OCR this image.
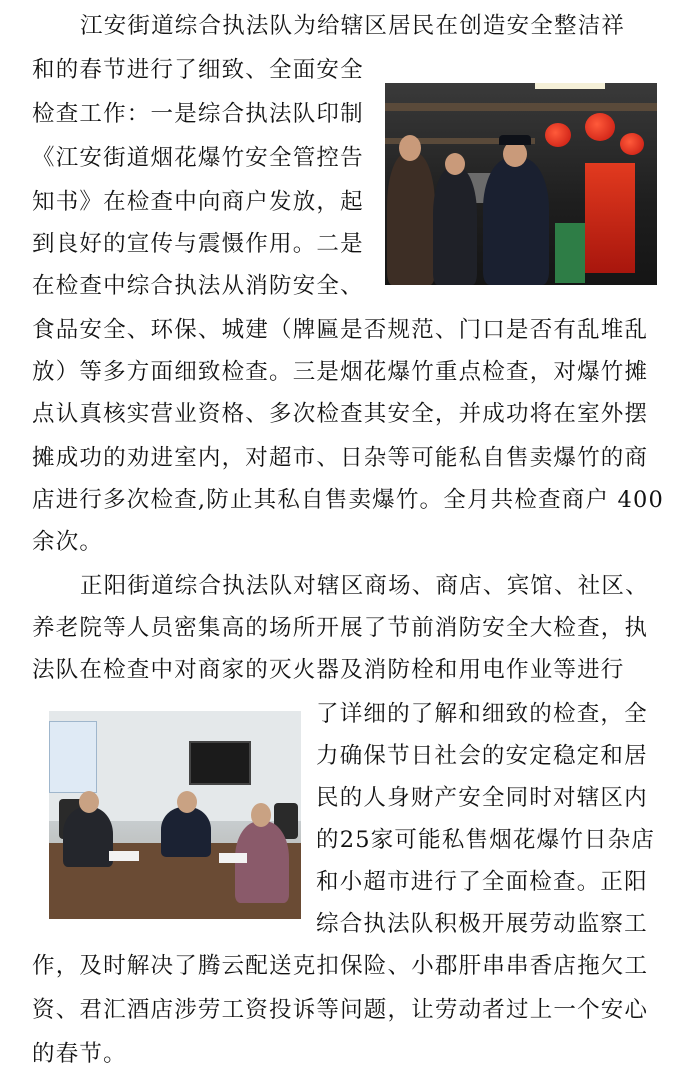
江安街道综合执法队为给辖区居民在创造安全整洁祥
和的春节进行了细致、全面安全
检查工作：一是综合执法队印制
《江安街道烟花爆竹安全管控告
知书》在检查中向商户发放，起
到良好的宣传与震慑作用。二是
在检查中综合执法从消防安全、
食品安全、环保、城建（牌匾是否规范、门口是否有乱堆乱
放）等多方面细致检查。三是烟花爆竹重点检查，对爆竹摊
点认真核实营业资格、多次检查其安全，并成功将在室外摆
摊成功的劝进室内，对超市、日杂等可能私自售卖爆竹的商
店进行多次检查,防止其私自售卖爆竹。全月共检查商户 400
余次。
正阳街道综合执法队对辖区商场、商店、宾馆、社区、
养老院等人员密集高的场所开展了节前消防安全大检查，执
法队在检查中对商家的灭火器及消防栓和用电作业等进行
了详细的了解和细致的检查，全
力确保节日社会的安定稳定和居
民的人身财产安全同时对辖区内
的25家可能私售烟花爆竹日杂店
和小超市进行了全面检查。正阳
综合执法队积极开展劳动监察工
作，及时解决了腾云配送克扣保险、小郡肝串串香店拖欠工
资、君汇酒店涉劳工资投诉等问题，让劳动者过上一个安心
的春节。
